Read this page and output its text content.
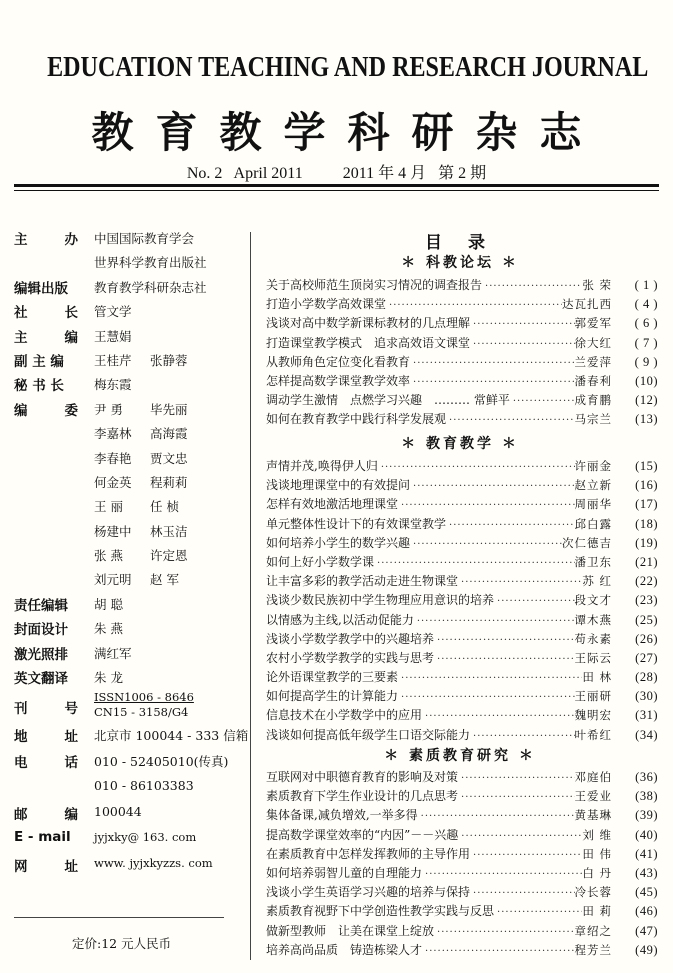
EDUCATION TEACHING AND RESEARCH JOURNAL
教育教学科研杂志
No. 2   April 2011          2011 年 4 月   第 2 期
主	办 中国国际教育学会
世界科学教育出版社
编辑出版	教育教学科研杂志社
社	长 管文学
主	编 王慧娟
副 主 编	王桂芹 张静蓉
秘 书 长	梅东霞
编	委 尹 勇 毕先丽
李嘉林 高海霞
李春艳 贾文忠
何金英 程莉莉
王 丽 任 桢
杨建中 林玉洁
张 燕 许定恩
刘元明 赵 军
责任编辑	胡 聪
封面设计	朱 燕
激光照排	满红军
英文翻译	朱 龙
刊	号
ISSN1006 - 8646
CN15 - 3158/G4
地	址 北京市 100044 - 333 信箱
电	话 010 - 52405010(传真)
010 - 86103383
邮	编 100044
E - mail	jyjxky@ 163. com
网	址 www. jyjxkyzzs. com
定价:12 元人民币
目 录
＊ 科教论坛 ＊
关于高校师范生顶岗实习情况的调查报告 ·····	张 荣	( 1 )
打造小学数学高效课堂 ·····	达瓦扎西	( 4 )
浅谈对高中数学新课标教材的几点理解 ·····	郭爱军	( 6 )
打造课堂教学模式　追求高效语文课堂 ·····	徐大红	( 7 )
从教师角色定位变化看教育 ·····	兰爱萍	( 9 )
怎样提高数学课堂教学效率 ·····	潘春利	(10)
调动学生激情　点燃学习兴趣　……… 常鲜平 ·····	成育鹏	(12)
如何在教育教学中践行科学发展观 ·····	马宗兰	(13)
＊ 教育教学 ＊
声情并茂,唤得伊人归 ·····	许丽金	(15)
浅谈地理课堂中的有效提问 ·····	赵立新	(16)
怎样有效地激活地理课堂 ·····	周丽华	(17)
单元整体性设计下的有效课堂教学 ·····	邱白露	(18)
如何培养小学生的数学兴趣 ·····	次仁德吉	(19)
如何上好小学数学课 ·····	潘卫东	(21)
让丰富多彩的教学活动走进生物课堂 ·····	苏 红	(22)
浅谈少数民族初中学生物理应用意识的培养 ·····	段文才	(23)
以情感为主线,以活动促能力 ·····	谭木燕	(25)
浅谈小学数学教学中的兴趣培养 ·····	苟永素	(26)
农村小学数学教学的实践与思考 ·····	王际云	(27)
论外语课堂教学的三要素 ·····	田 林	(28)
如何提高学生的计算能力 ·····	王丽研	(30)
信息技术在小学数学中的应用 ·····	魏明宏	(31)
浅谈如何提高低年级学生口语交际能力 ·····	叶希红	(34)
＊ 素质教育研究 ＊
互联网对中职德育教育的影响及对策 ·····	邓庭伯	(36)
素质教育下学生作业设计的几点思考 ·····	王爱业	(38)
集体备课,减负增效,一举多得 ·····	黄基琳	(39)
提高数学课堂效率的“内因”－－兴趣 ·····	刘 维	(40)
在素质教育中怎样发挥教师的主导作用 ·····	田 伟	(41)
如何培养弱智儿童的自理能力 ·····	白 丹	(43)
浅谈小学生英语学习兴趣的培养与保持 ·····	冷长蓉	(45)
素质教育视野下中学创造性教学实践与反思 ·····	田 莉	(46)
做新型教师　让美在课堂上绽放 ·····	章绍之	(47)
培养高尚品质　铸造栋梁人才 ·····	程芳兰	(49)
